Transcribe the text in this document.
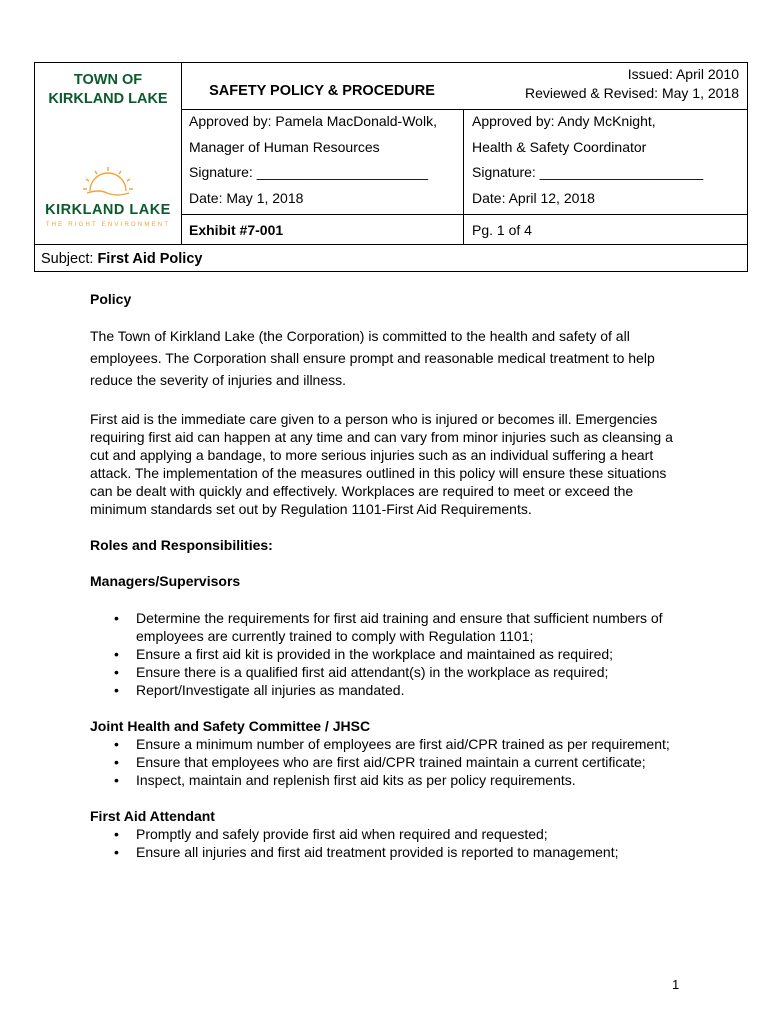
TOWN OF
KIRKLAND LAKE	SAFETY POLICY & PROCEDURE
Issued: April 2010
Reviewed & Revised: May 1, 2018
KIRKLAND LAKE
THE RIGHT ENVIRONMENT
Approved by: Pamela MacDonald-Wolk,
Manager of Human Resources
Signature: ______________________
Date: May 1, 2018
Exhibit #7-001
Approved by: Andy McKnight,
Health & Safety Coordinator
Signature: _____________________
Date: April 12, 2018
Pg. 1 of 4
Subject: First Aid Policy

Policy

The Town of Kirkland Lake (the Corporation) is committed to the health and safety of all employees. The Corporation shall ensure prompt and reasonable medical treatment to help reduce the severity of injuries and illness.

First aid is the immediate care given to a person who is injured or becomes ill. Emergencies requiring first aid can happen at any time and can vary from minor injuries such as cleansing a cut and applying a bandage, to more serious injuries such as an individual suffering a heart attack. The implementation of the measures outlined in this policy will ensure these situations can be dealt with quickly and effectively. Workplaces are required to meet or exceed the minimum standards set out by Regulation 1101-First Aid Requirements.

Roles and Responsibilities:

Managers/Supervisors

• Determine the requirements for first aid training and ensure that sufficient numbers of employees are currently trained to comply with Regulation 1101;
• Ensure a first aid kit is provided in the workplace and maintained as required;
• Ensure there is a qualified first aid attendant(s) in the workplace as required;
• Report/Investigate all injuries as mandated.

Joint Health and Safety Committee / JHSC

• Ensure a minimum number of employees are first aid/CPR trained as per requirement;
• Ensure that employees who are first aid/CPR trained maintain a current certificate;
• Inspect, maintain and replenish first aid kits as per policy requirements.

First Aid Attendant

• Promptly and safely provide first aid when required and requested;
• Ensure all injuries and first aid treatment provided is reported to management;
1
